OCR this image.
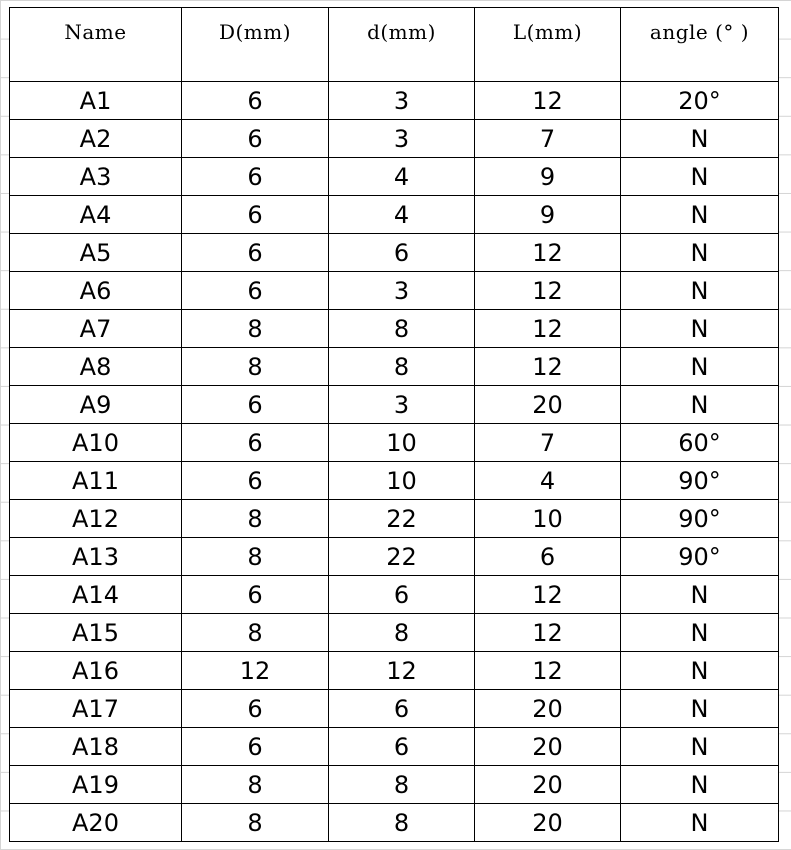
Name	D(mm)	d(mm)	L(mm)	angle (° )
A1	6	3	12	20°
A2	6	3	7	N
A3	6	4	9	N
A4	6	4	9	N
A5	6	6	12	N
A6	6	3	12	N
A7	8	8	12	N
A8	8	8	12	N
A9	6	3	20	N
A10	6	10	7	60°
A11	6	10	4	90°
A12	8	22	10	90°
A13	8	22	6	90°
A14	6	6	12	N
A15	8	8	12	N
A16	12	12	12	N
A17	6	6	20	N
A18	6	6	20	N
A19	8	8	20	N
A20	8	8	20	N
